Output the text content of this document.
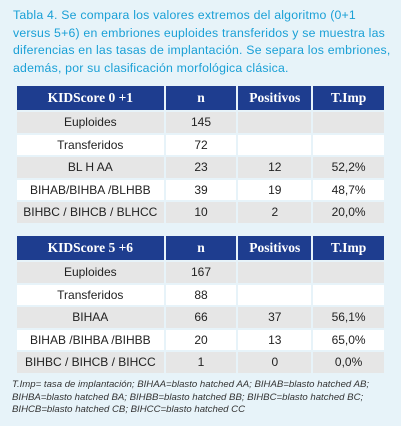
Tabla 4. Se compara los valores extremos del algoritmo (0+1 versus 5+6) en embriones euploides transferidos y se muestra las diferencias en las tasas de implantación. Se separa los embriones, además, por su clasificación morfológica clásica.
KIDScore 0 +1	n	Positivos	T.Imp
Euploides	145		
Transferidos	72		
BL H AA	23	12	52,2%
BIHAB/BIHBA /BLHBB	39	19	48,7%
BIHBC / BIHCB / BLHCC	10	2	20,0%
KIDScore 5 +6	n	Positivos	T.Imp
Euploides	167		
Transferidos	88		
BIHAA	66	37	56,1%
BIHAB /BIHBA /BIHBB	20	13	65,0%
BIHBC / BIHCB / BIHCC	1	0	0,0%
T.Imp= tasa de implantación; BIHAA=blasto hatched AA; BIHAB=blasto hatched AB; BIHBA=blasto hatched BA; BIHBB=blasto hatched BB; BIHBC=blasto hatched BC; BIHCB=blasto hatched CB; BIHCC=blasto hatched CC
